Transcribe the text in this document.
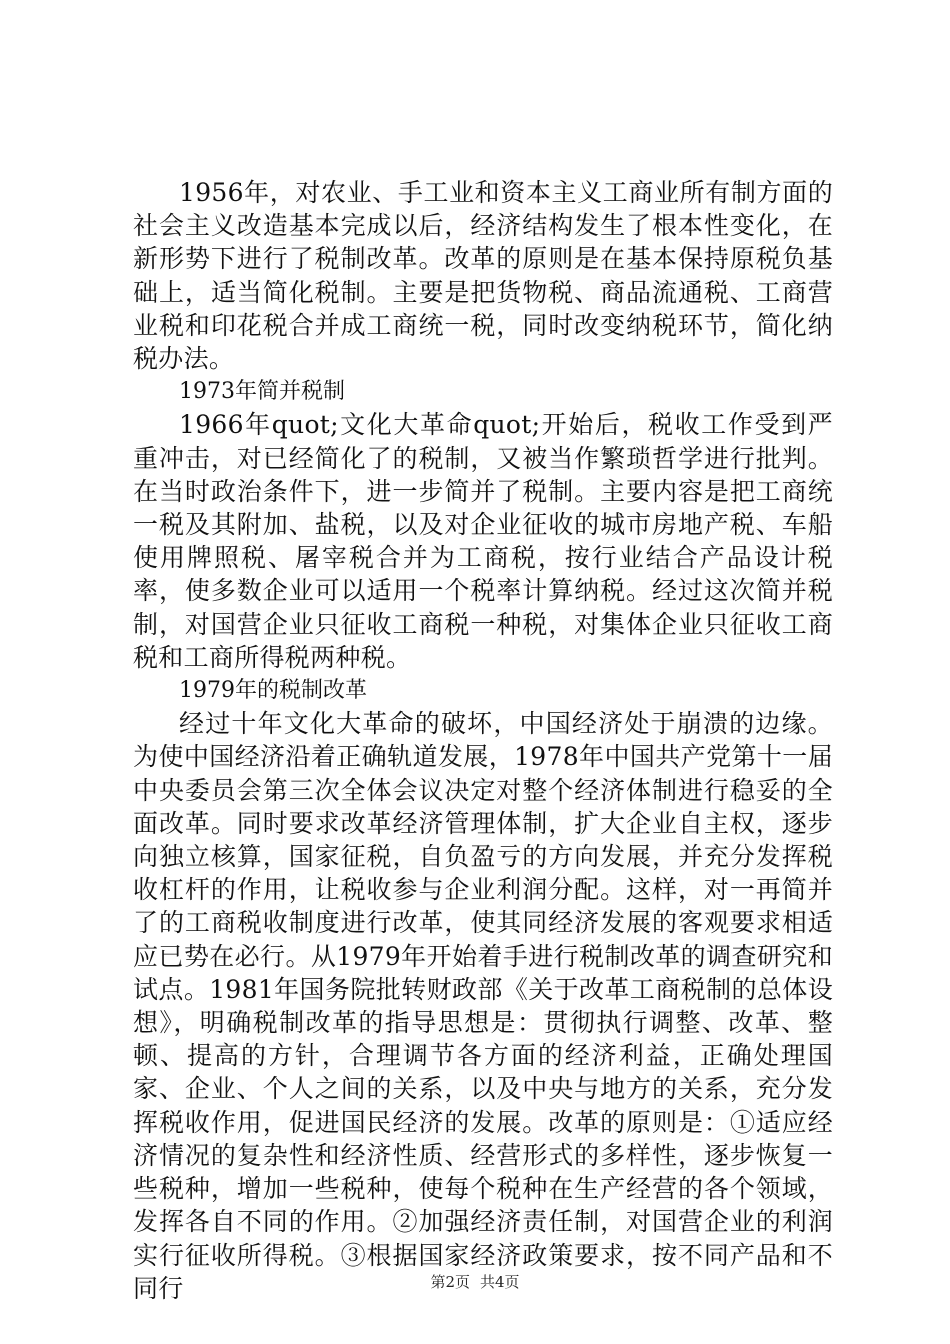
1956年，对农业、手工业和资本主义工商业所有制方面的社会主义改造基本完成以后，经济结构发生了根本性变化，在新形势下进行了税制改革。改革的原则是在基本保持原税负基础上，适当简化税制。主要是把货物税、商品流通税、工商营业税和印花税合并成工商统一税，同时改变纳税环节，简化纳税办法。

1973年简并税制

1966年quot;文化大革命quot;开始后，税收工作受到严重冲击，对已经简化了的税制，又被当作繁琐哲学进行批判。在当时政治条件下，进一步简并了税制。主要内容是把工商统一税及其附加、盐税，以及对企业征收的城市房地产税、车船使用牌照税、屠宰税合并为工商税，按行业结合产品设计税率，使多数企业可以适用一个税率计算纳税。经过这次简并税制，对国营企业只征收工商税一种税，对集体企业只征收工商税和工商所得税两种税。

1979年的税制改革

经过十年文化大革命的破坏，中国经济处于崩溃的边缘。为使中国经济沿着正确轨道发展，1978年中国共产党第十一届中央委员会第三次全体会议决定对整个经济体制进行稳妥的全面改革。同时要求改革经济管理体制，扩大企业自主权，逐步向独立核算，国家征税，自负盈亏的方向发展，并充分发挥税收杠杆的作用，让税收参与企业利润分配。这样，对一再简并了的工商税收制度进行改革，使其同经济发展的客观要求相适应已势在必行。从1979年开始着手进行税制改革的调查研究和试点。1981年国务院批转财政部《关于改革工商税制的总体设想》，明确税制改革的指导思想是：贯彻执行调整、改革、整顿、提高的方针，合理调节各方面的经济利益，正确处理国家、企业、个人之间的关系，以及中央与地方的关系，充分发挥税收作用，促进国民经济的发展。改革的原则是：①适应经济情况的复杂性和经济性质、经营形式的多样性，逐步恢复一些税种，增加一些税种，使每个税种在生产经营的各个领域，发挥各自不同的作用。②加强经济责任制，对国营企业的利润实行征收所得税。③根据国家经济政策要求，按不同产品和不同行	第2页 共4页
